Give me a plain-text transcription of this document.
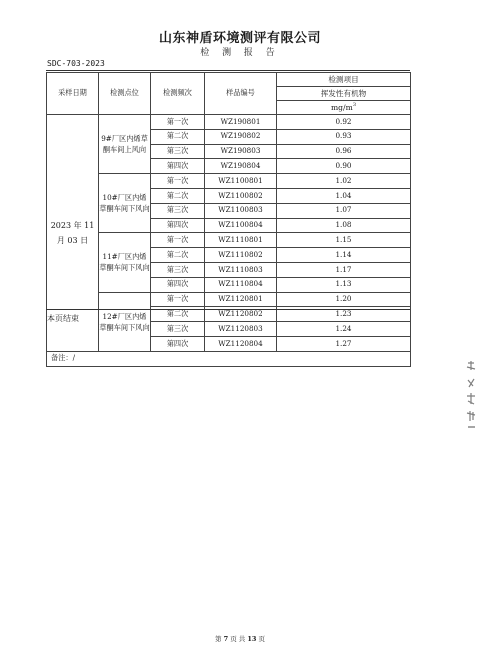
山东神盾环境测评有限公司
检 测 报 告
SDC-703-2023
采样日期	检测点位	检测频次	样品编号	检测项目
				挥发性有机物
				$mg/m^3$
2023 年 11 月 03 日	9#厂区内烯草酮车间上风向	第一次	WZ190801	0.92
		第二次	WZ190802	0.93
		第三次	WZ190803	0.96
		第四次	WZ190804	0.90
	10#厂区内烯草酮车间下风向	第一次	WZ1100801	1.02
		第二次	WZ1100802	1.04
		第三次	WZ1100803	1.07
		第四次	WZ1100804	1.08
	11#厂区内烯草酮车间下风向	第一次	WZ1110801	1.15
		第二次	WZ1110802	1.14
		第三次	WZ1110803	1.17
		第四次	WZ1110804	1.13
	12#厂区内烯草酮车间下风向	第一次	WZ1120801	1.20
		第二次	WZ1120802	1.23
		第三次	WZ1120803	1.24
		第四次	WZ1120804	1.27
备注：/				
本页结束
第 7 页 共 13 页
